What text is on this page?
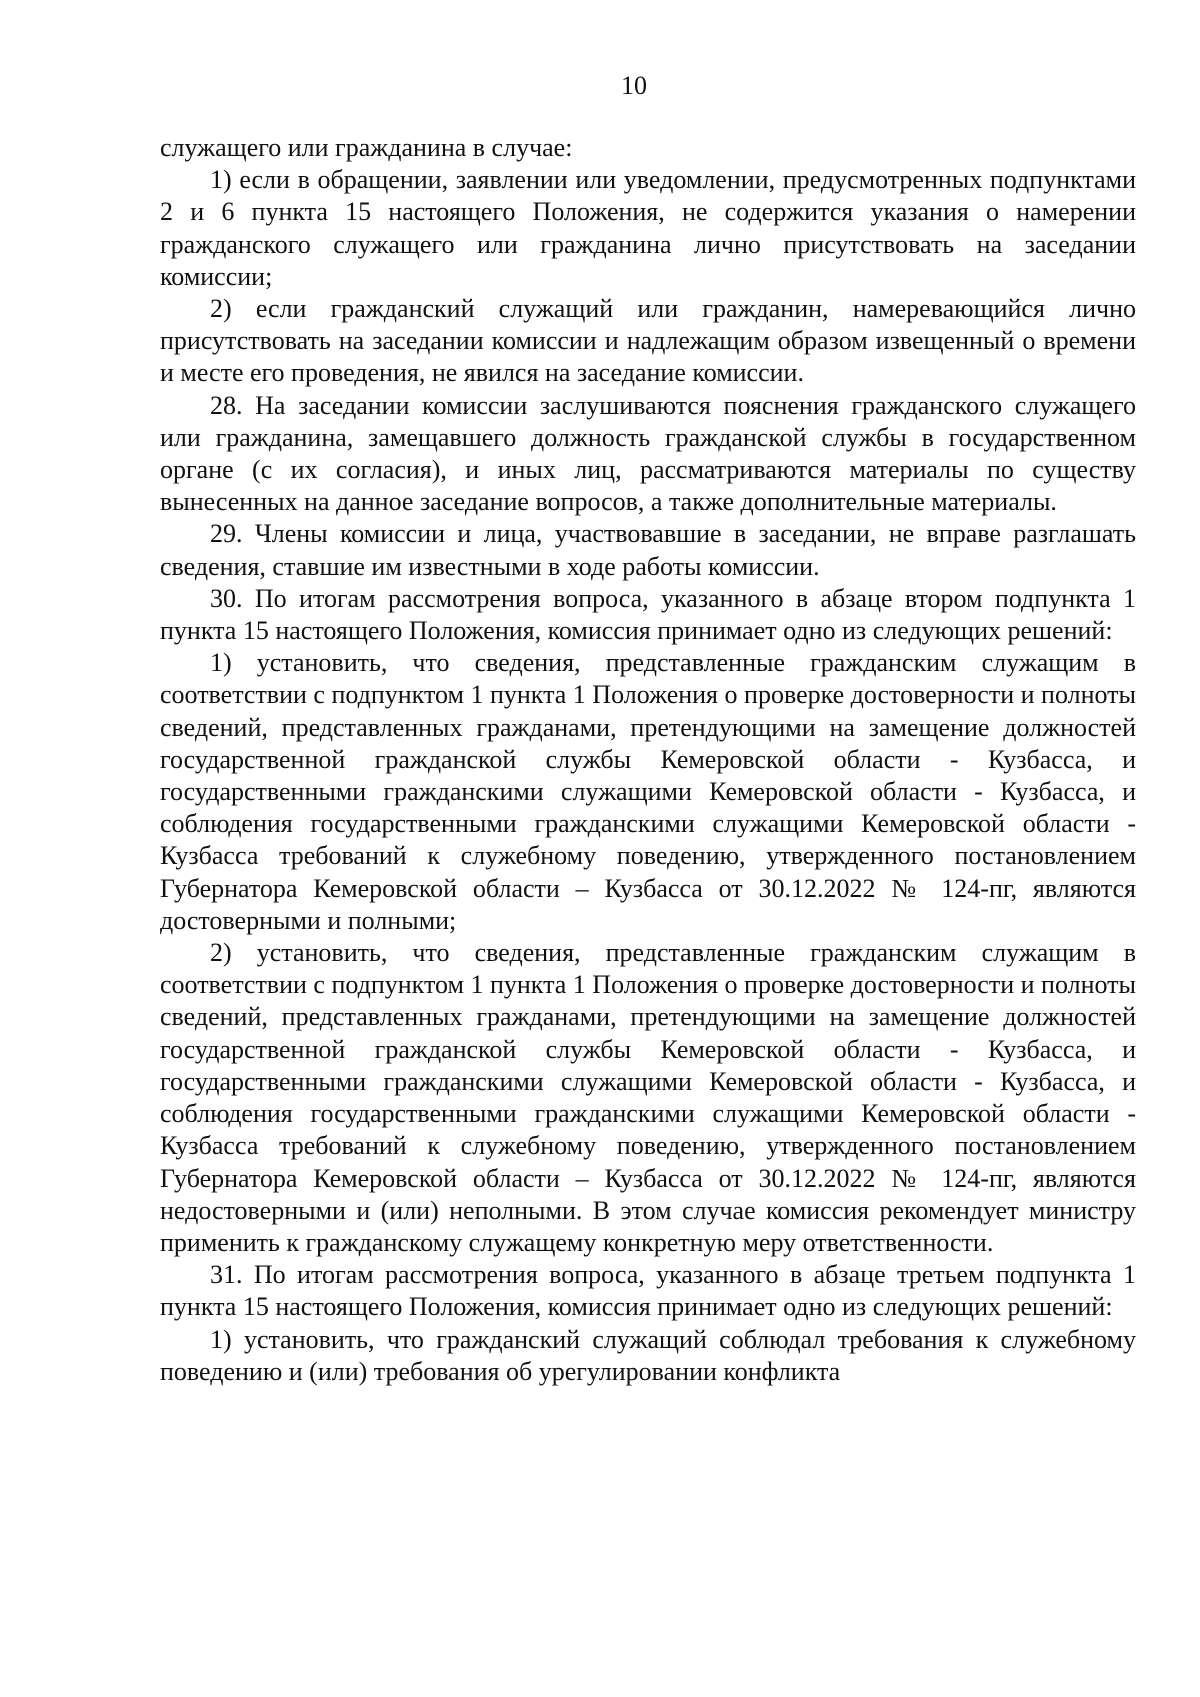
10

служащего или гражданина в случае:

1) если в обращении, заявлении или уведомлении, предусмотренных подпунктами 2 и 6 пункта 15 настоящего Положения, не содержится указания о намерении гражданского служащего или гражданина лично присутствовать на заседании комиссии;

2) если гражданский служащий или гражданин, намеревающийся лично присутствовать на заседании комиссии и надлежащим образом извещенный о времени и месте его проведения, не явился на заседание комиссии.

28. На заседании комиссии заслушиваются пояснения гражданского служащего или гражданина, замещавшего должность гражданской службы в государственном органе (с их согласия), и иных лиц, рассматриваются материалы по существу вынесенных на данное заседание вопросов, а также дополнительные материалы.

29. Члены комиссии и лица, участвовавшие в заседании, не вправе разглашать сведения, ставшие им известными в ходе работы комиссии.

30. По итогам рассмотрения вопроса, указанного в абзаце втором подпункта 1 пункта 15 настоящего Положения, комиссия принимает одно из следующих решений:

1) установить, что сведения, представленные гражданским служащим в соответствии с подпунктом 1 пункта 1 Положения о проверке достоверности и полноты сведений, представленных гражданами, претендующими на замещение должностей государственной гражданской службы Кемеровской области - Кузбасса, и государственными гражданскими служащими Кемеровской области - Кузбасса, и соблюдения государственными гражданскими служащими Кемеровской области - Кузбасса требований к служебному поведению, утвержденного постановлением Губернатора Кемеровской области – Кузбасса от 30.12.2022 № 124-пг, являются достоверными и полными;

2) установить, что сведения, представленные гражданским служащим в соответствии с подпунктом 1 пункта 1 Положения о проверке достоверности и полноты сведений, представленных гражданами, претендующими на замещение должностей государственной гражданской службы Кемеровской области - Кузбасса, и государственными гражданскими служащими Кемеровской области - Кузбасса, и соблюдения государственными гражданскими служащими Кемеровской области - Кузбасса требований к служебному поведению, утвержденного постановлением Губернатора Кемеровской области – Кузбасса от 30.12.2022 № 124-пг, являются недостоверными и (или) неполными. В этом случае комиссия рекомендует министру применить к гражданскому служащему конкретную меру ответственности.

31. По итогам рассмотрения вопроса, указанного в абзаце третьем подпункта 1 пункта 15 настоящего Положения, комиссия принимает одно из следующих решений:

1) установить, что гражданский служащий соблюдал требования к служебному поведению и (или) требования об урегулировании конфликта
